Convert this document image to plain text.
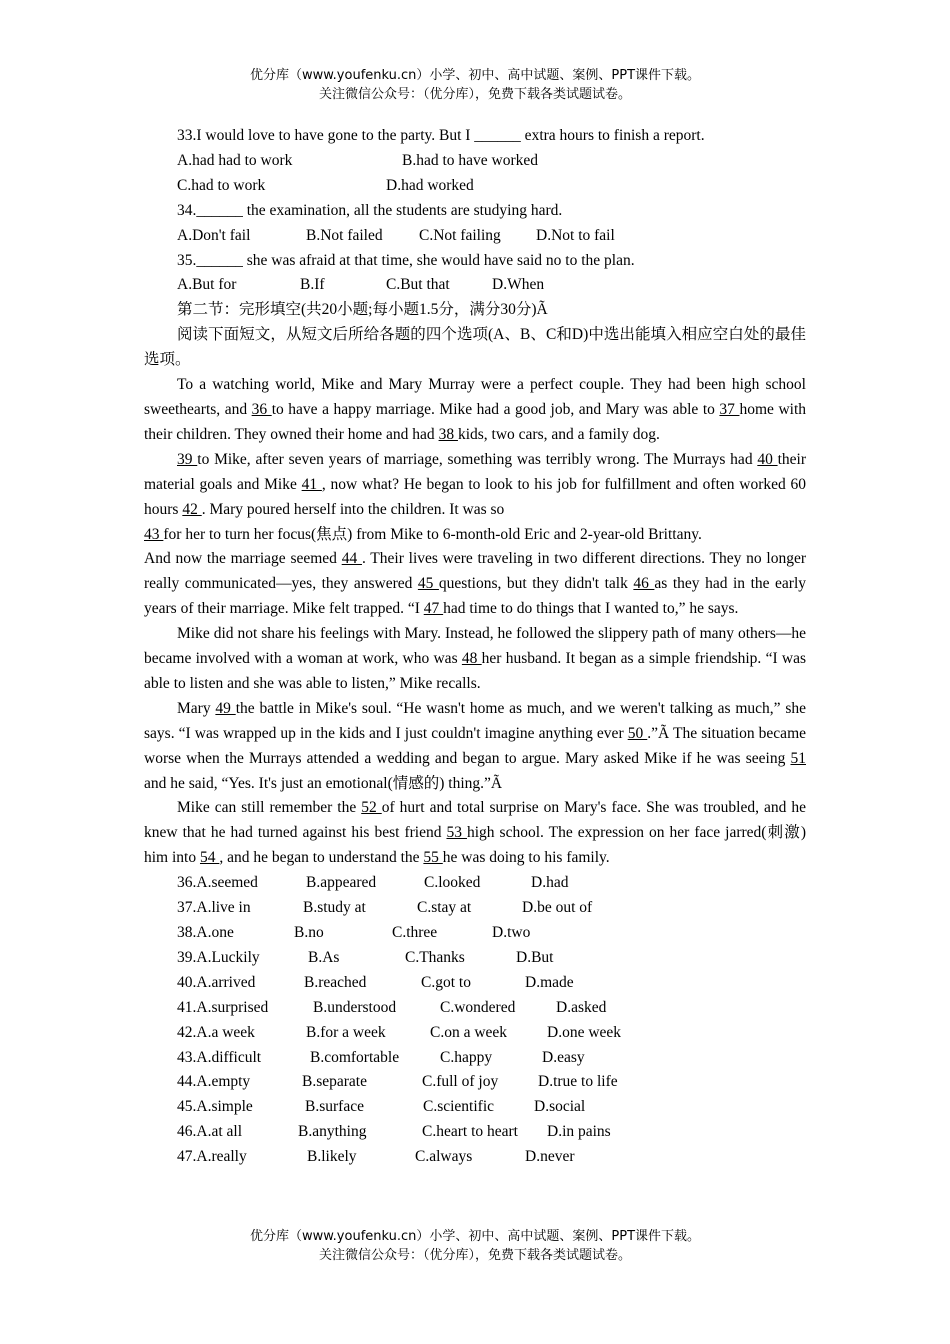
优分库（www.youfenku.cn）小学、初中、高中试题、案例、PPT课件下载。
关注微信公众号：（优分库），免费下载各类试题试卷。
33.I would love to have gone to the party. But I ______ extra hours to finish a report.
A.had had to work	B.had to have worked
C.had to work	D.had worked
34.______ the examination, all the students are studying hard.
A.Don't fail	B.Not failed C.Not failing D.Not to fail
35.______ she was afraid at that time, she would have said no to the plan.
A.But for	B.If	C.But that	D.When
第二节：完形填空(共20小题;每小题1.5分，满分30分)Ã
阅读下面短文，从短文后所给各题的四个选项(A、B、C和D)中选出能填入相应空白处的最佳选项。
To a watching world, Mike and Mary Murray were a perfect couple. They had been high school sweethearts, and 36 to have a happy marriage. Mike had a good job, and Mary was able to 37 home with their children. They owned their home and had 38 kids, two cars, and a family dog.
39 to Mike, after seven years of marriage, something was terribly wrong. The Murrays had 40 their material goals and Mike 41 , now what? He began to look to his job for fulfillment and often worked 60 hours 42 . Mary poured herself into the children. It was so
43 for her to turn her focus(焦点) from Mike to 6-month-old Eric and 2-year-old Brittany.
And now the marriage seemed 44 . Their lives were traveling in two different directions. They no longer really communicated—yes, they answered 45 questions, but they didn't talk 46 as they had in the early years of their marriage. Mike felt trapped. “I 47 had time to do things that I wanted to,” he says.
Mike did not share his feelings with Mary. Instead, he followed the slippery path of many others—he became involved with a woman at work, who was 48 her husband. It began as a simple friendship. “I was able to listen and she was able to listen,” Mike recalls.
Mary 49 the battle in Mike's soul. “He wasn't home as much, and we weren't talking as much,” she says. “I was wrapped up in the kids and I just couldn't imagine anything ever 50 .”Ã The situation became worse when the Murrays attended a wedding and began to argue. Mary asked Mike if he was seeing 51 and he said, “Yes. It's just an emotional(情感的) thing.”Ã
Mike can still remember the 52 of hurt and total surprise on Mary's face. She was troubled, and he knew that he had turned against his best friend 53 high school. The expression on her face jarred(刺激) him into 54 , and he began to understand the 55 he was doing to his family.
36.A.seemed	B.appeared	C.looked	D.had
37.A.live in	B.study at	C.stay at	D.be out of
38.A.one	B.no	C.three	D.two
39.A.Luckily	B.As	C.Thanks	D.But
40.A.arrived	B.reached	C.got to	D.made
41.A.surprised	B.understood	C.wondered	D.asked
42.A.a week	B.for a week	C.on a week	D.one week
43.A.difficult	B.comfortable	C.happy	D.easy
44.A.empty	B.separate	C.full of joy	D.true to life
45.A.simple	B.surface	C.scientific	D.social
46.A.at all	B.anything	C.heart to heart D.in pains
47.A.really	B.likely	C.always	D.never
优分库（www.youfenku.cn）小学、初中、高中试题、案例、PPT课件下载。
关注微信公众号：（优分库），免费下载各类试题试卷。
